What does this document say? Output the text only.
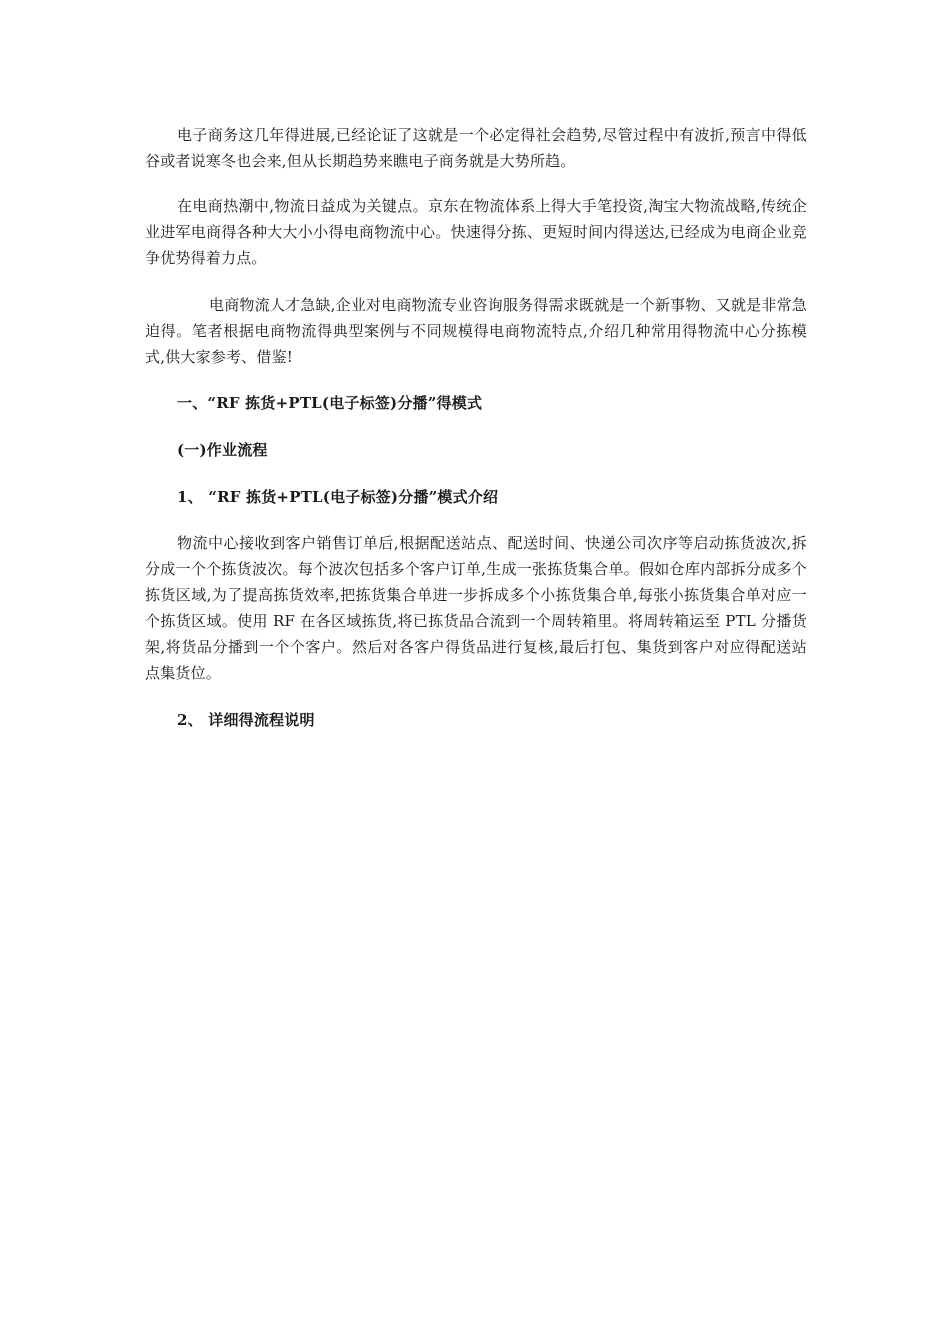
电子商务这几年得进展,已经论证了这就是一个必定得社会趋势,尽管过程中有波折,预言中得低谷或者说寒冬也会来,但从长期趋势来瞧电子商务就是大势所趋。

在电商热潮中,物流日益成为关键点。京东在物流体系上得大手笔投资,淘宝大物流战略,传统企业进军电商得各种大大小小得电商物流中心。快速得分拣、更短时间内得送达,已经成为电商企业竞争优势得着力点。

电商物流人才急缺,企业对电商物流专业咨询服务得需求既就是一个新事物、又就是非常急迫得。笔者根据电商物流得典型案例与不同规模得电商物流特点,介绍几种常用得物流中心分拣模式,供大家参考、借鉴!

一、“RF 拣货+PTL(电子标签)分播”得模式

(一)作业流程

1、 “RF 拣货+PTL(电子标签)分播”模式介绍

物流中心接收到客户销售订单后,根据配送站点、配送时间、快递公司次序等启动拣货波次,拆分成一个个拣货波次。每个波次包括多个客户订单,生成一张拣货集合单。假如仓库内部拆分成多个拣货区域,为了提高拣货效率,把拣货集合单进一步拆成多个小拣货集合单,每张小拣货集合单对应一个拣货区域。使用 RF 在各区域拣货,将已拣货品合流到一个周转箱里。将周转箱运至 PTL 分播货架,将货品分播到一个个客户。然后对各客户得货品进行复核,最后打包、集货到客户对应得配送站点集货位。

2、 详细得流程说明
